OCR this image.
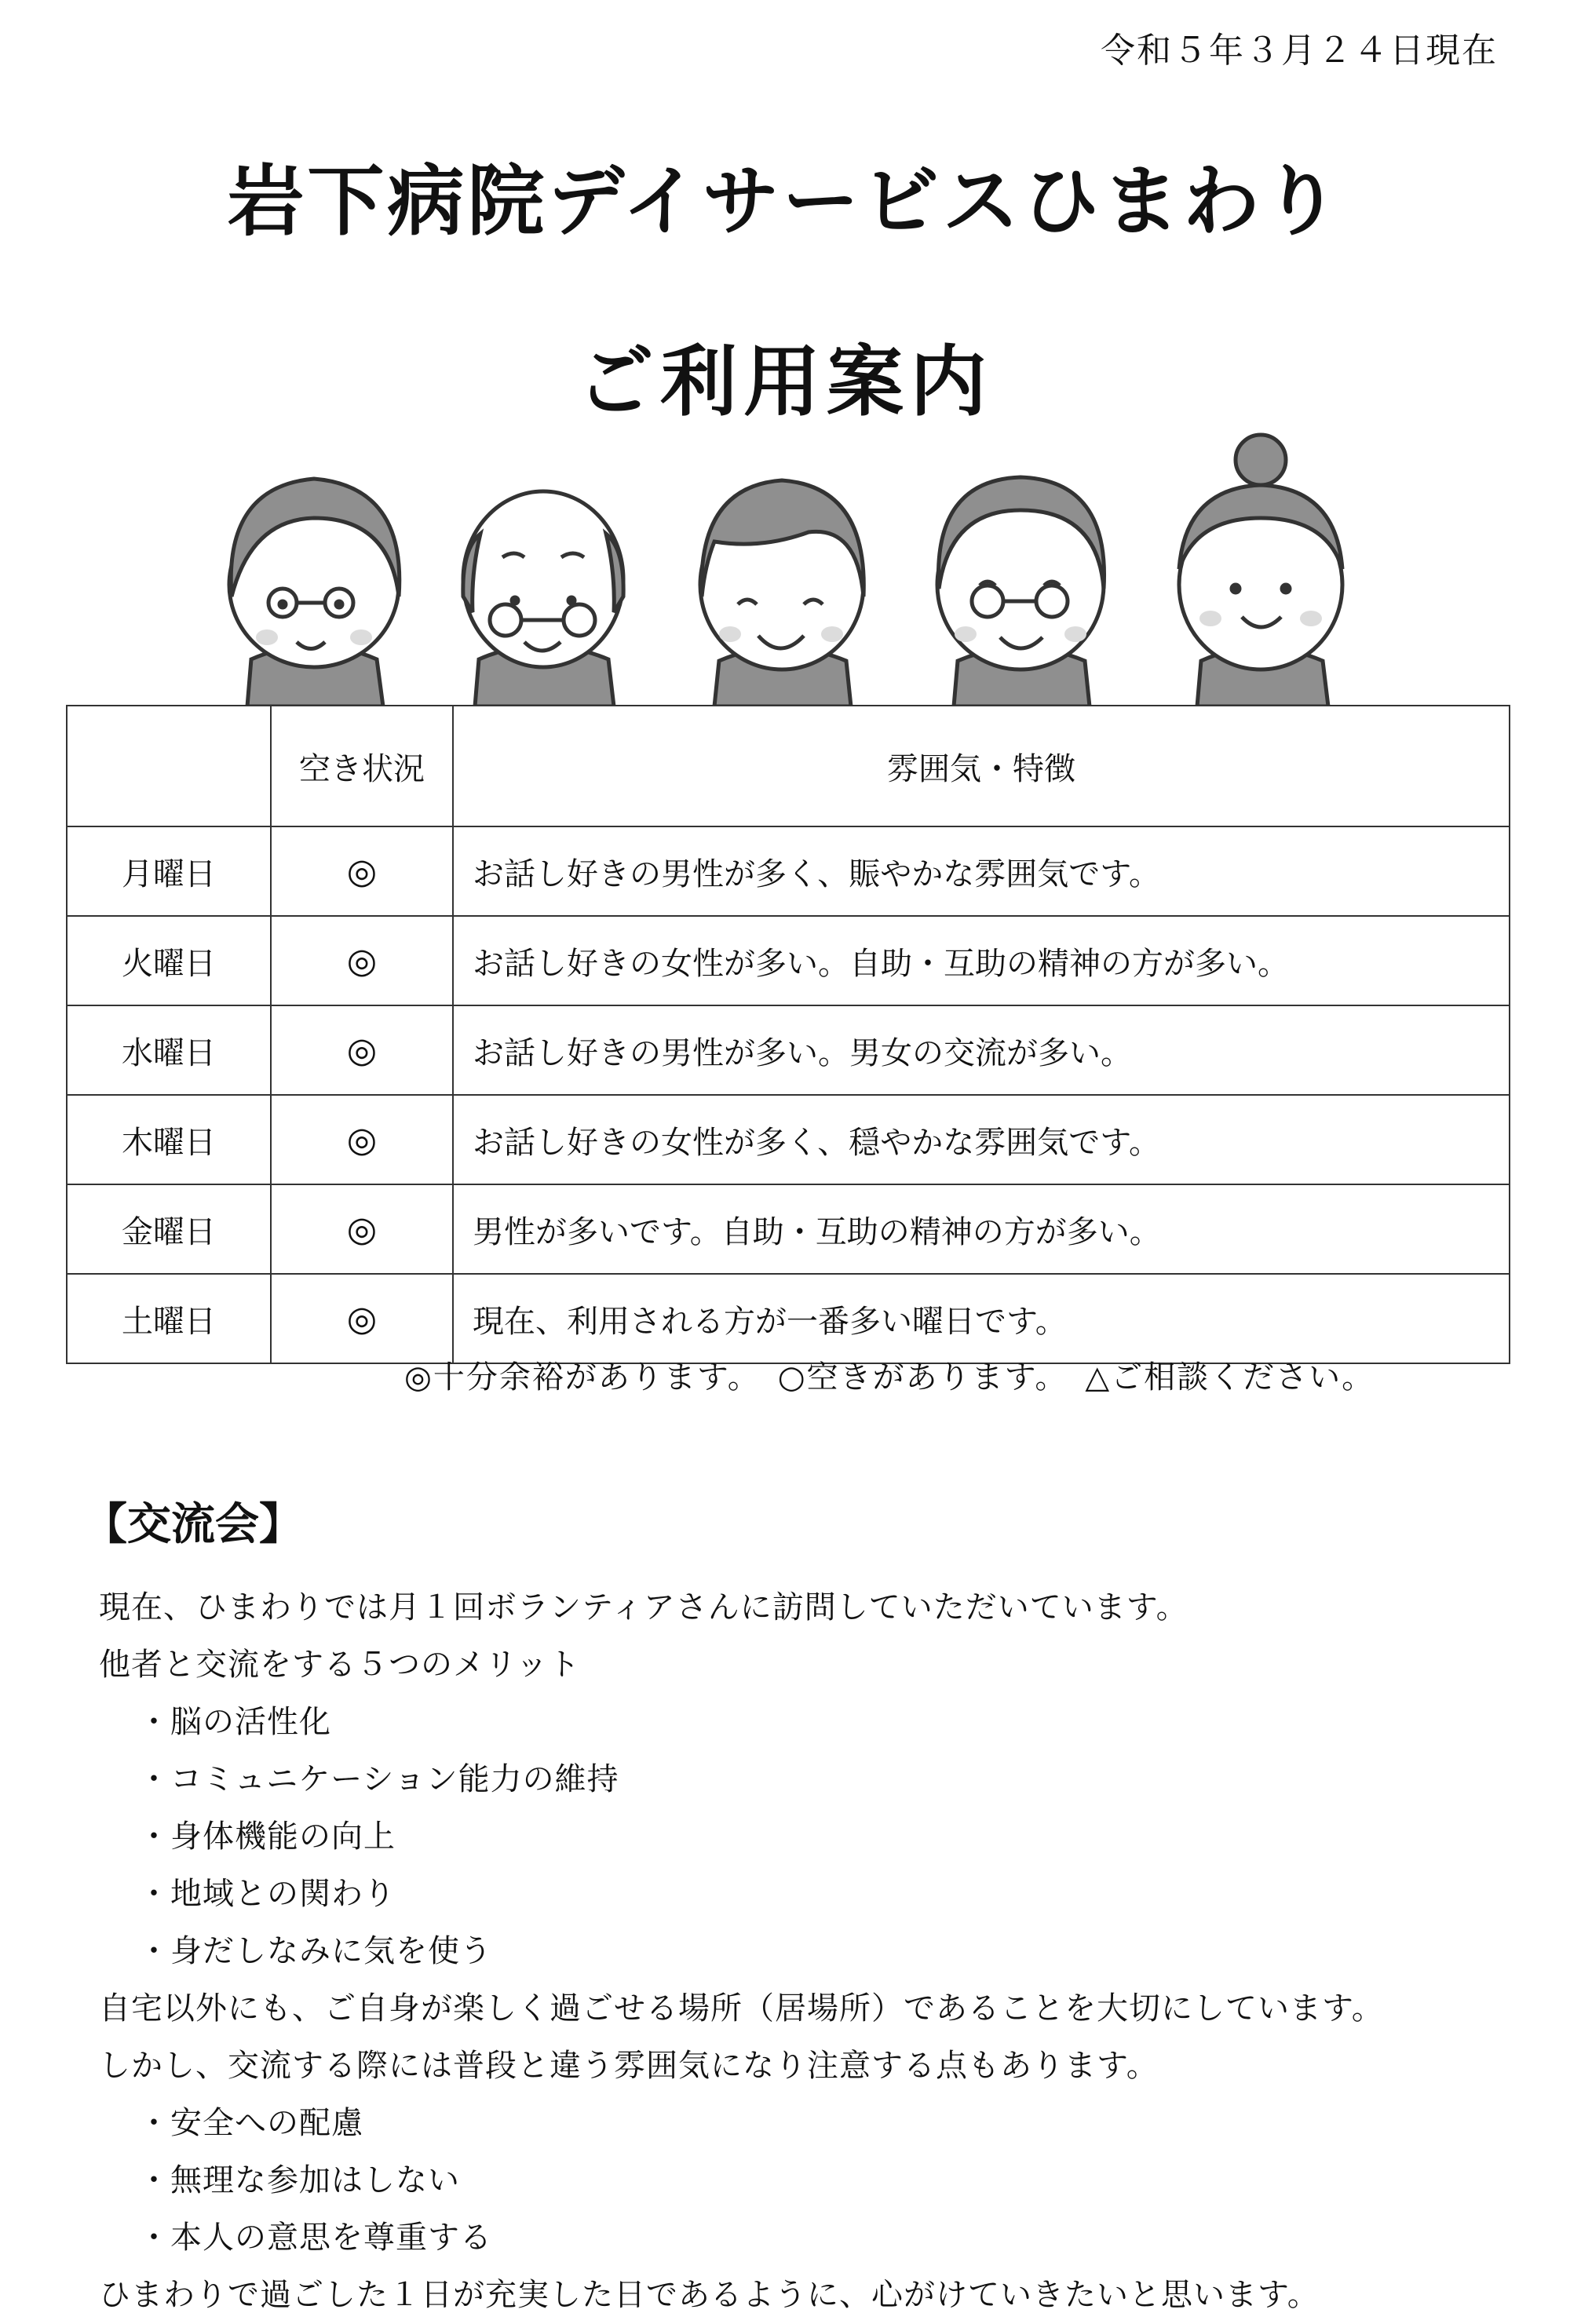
令和５年３月２４日現在
岩下病院デイサービスひまわり
ご利用案内
	空き状況	雰囲気・特徴
月曜日	◎	お話し好きの男性が多く、賑やかな雰囲気です。
火曜日	◎	お話し好きの女性が多い。自助・互助の精神の方が多い。
水曜日	◎	お話し好きの男性が多い。男女の交流が多い。
木曜日	◎	お話し好きの女性が多く、穏やかな雰囲気です。
金曜日	◎	男性が多いです。自助・互助の精神の方が多い。
土曜日	◎	現在、利用される方が一番多い曜日です。
◎十分余裕があります。　○空きがあります。　△ご相談ください。
【交流会】
現在、ひまわりでは月１回ボランティアさんに訪問していただいています。
他者と交流をする５つのメリット
・脳の活性化
・コミュニケーション能力の維持
・身体機能の向上
・地域との関わり
・身だしなみに気を使う
自宅以外にも、ご自身が楽しく過ごせる場所（居場所）であることを大切にしています。
しかし、交流する際には普段と違う雰囲気になり注意する点もあります。
・安全への配慮
・無理な参加はしない
・本人の意思を尊重する
ひまわりで過ごした１日が充実した日であるように、心がけていきたいと思います。
